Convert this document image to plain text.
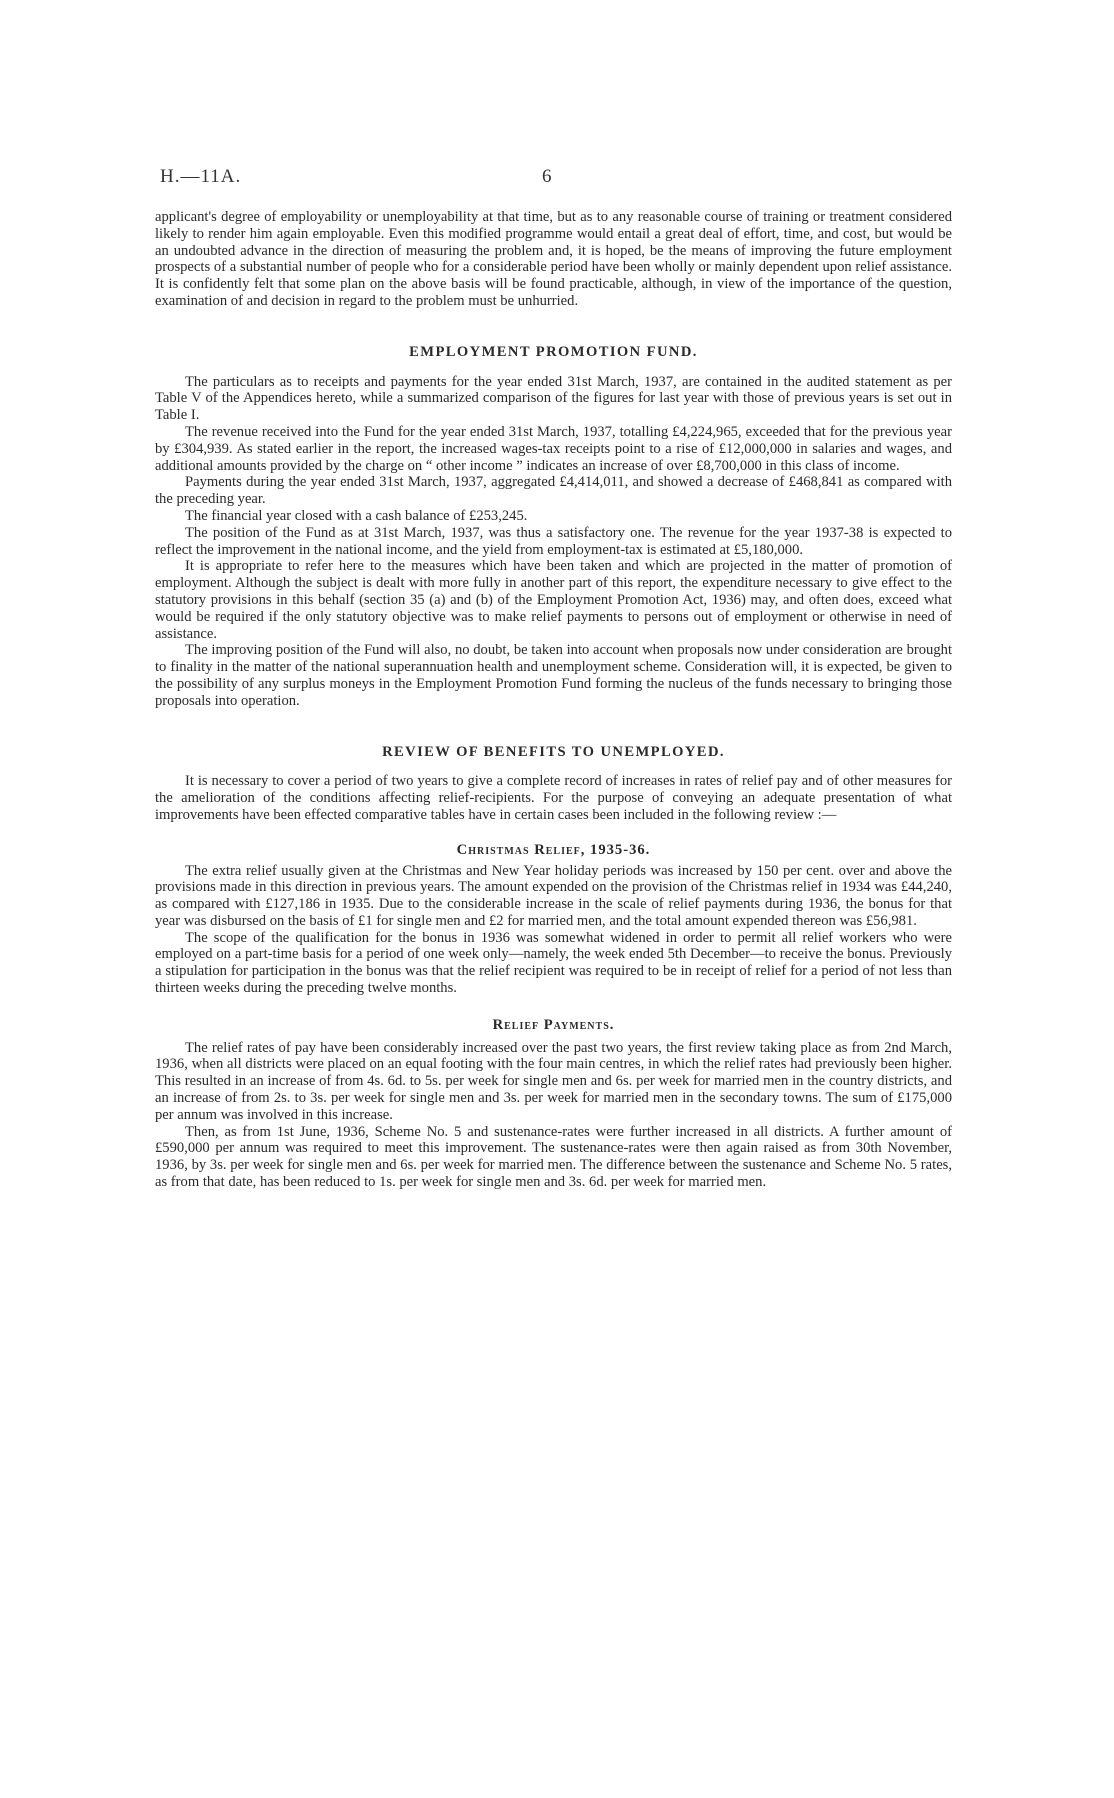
H.—11A.	6

applicant's degree of employability or unemployability at that time, but as to any reasonable course of training or treatment considered likely to render him again employable. Even this modified programme would entail a great deal of effort, time, and cost, but would be an undoubted advance in the direction of measuring the problem and, it is hoped, be the means of improving the future employment prospects of a substantial number of people who for a considerable period have been wholly or mainly dependent upon relief assistance. It is confidently felt that some plan on the above basis will be found practicable, although, in view of the importance of the question, examination of and decision in regard to the problem must be unhurried.

EMPLOYMENT PROMOTION FUND.

The particulars as to receipts and payments for the year ended 31st March, 1937, are contained in the audited statement as per Table V of the Appendices hereto, while a summarized comparison of the figures for last year with those of previous years is set out in Table I.

The revenue received into the Fund for the year ended 31st March, 1937, totalling £4,224,965, exceeded that for the previous year by £304,939. As stated earlier in the report, the increased wages-tax receipts point to a rise of £12,000,000 in salaries and wages, and additional amounts provided by the charge on “ other income ” indicates an increase of over £8,700,000 in this class of income.

Payments during the year ended 31st March, 1937, aggregated £4,414,011, and showed a decrease of £468,841 as compared with the preceding year.

The financial year closed with a cash balance of £253,245.

The position of the Fund as at 31st March, 1937, was thus a satisfactory one. The revenue for the year 1937-38 is expected to reflect the improvement in the national income, and the yield from employment-tax is estimated at £5,180,000.

It is appropriate to refer here to the measures which have been taken and which are projected in the matter of promotion of employment. Although the subject is dealt with more fully in another part of this report, the expenditure necessary to give effect to the statutory provisions in this behalf (section 35 (a) and (b) of the Employment Promotion Act, 1936) may, and often does, exceed what would be required if the only statutory objective was to make relief payments to persons out of employment or otherwise in need of assistance.

The improving position of the Fund will also, no doubt, be taken into account when proposals now under consideration are brought to finality in the matter of the national superannuation health and unemployment scheme. Consideration will, it is expected, be given to the possibility of any surplus moneys in the Employment Promotion Fund forming the nucleus of the funds necessary to bringing those proposals into operation.

REVIEW OF BENEFITS TO UNEMPLOYED.

It is necessary to cover a period of two years to give a complete record of increases in rates of relief pay and of other measures for the amelioration of the conditions affecting relief-recipients. For the purpose of conveying an adequate presentation of what improvements have been effected comparative tables have in certain cases been included in the following review :—

Christmas Relief, 1935-36.

The extra relief usually given at the Christmas and New Year holiday periods was increased by 150 per cent. over and above the provisions made in this direction in previous years. The amount expended on the provision of the Christmas relief in 1934 was £44,240, as compared with £127,186 in 1935. Due to the considerable increase in the scale of relief payments during 1936, the bonus for that year was disbursed on the basis of £1 for single men and £2 for married men, and the total amount expended thereon was £56,981.

The scope of the qualification for the bonus in 1936 was somewhat widened in order to permit all relief workers who were employed on a part-time basis for a period of one week only—namely, the week ended 5th December—to receive the bonus. Previously a stipulation for participation in the bonus was that the relief recipient was required to be in receipt of relief for a period of not less than thirteen weeks during the preceding twelve months.

Relief Payments.

The relief rates of pay have been considerably increased over the past two years, the first review taking place as from 2nd March, 1936, when all districts were placed on an equal footing with the four main centres, in which the relief rates had previously been higher. This resulted in an increase of from 4s. 6d. to 5s. per week for single men and 6s. per week for married men in the country districts, and an increase of from 2s. to 3s. per week for single men and 3s. per week for married men in the secondary towns. The sum of £175,000 per annum was involved in this increase.

Then, as from 1st June, 1936, Scheme No. 5 and sustenance-rates were further increased in all districts. A further amount of £590,000 per annum was required to meet this improvement. The sustenance-rates were then again raised as from 30th November, 1936, by 3s. per week for single men and 6s. per week for married men. The difference between the sustenance and Scheme No. 5 rates, as from that date, has been reduced to 1s. per week for single men and 3s. 6d. per week for married men.
